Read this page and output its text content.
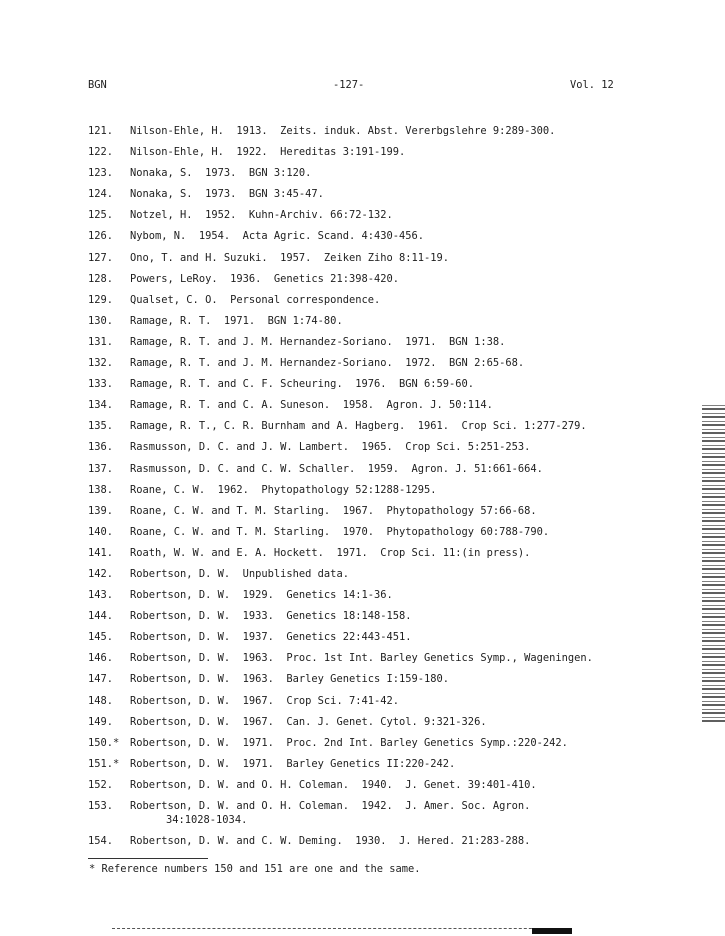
BGN	-127-	Vol. 12
121. Nilson-Ehle, H.  1913.  Zeits. induk. Abst. Vererbgslehre 9:289-300.
122. Nilson-Ehle, H.  1922.  Hereditas 3:191-199.
123. Nonaka, S.  1973.  BGN 3:120.
124. Nonaka, S.  1973.  BGN 3:45-47.
125. Notzel, H.  1952.  Kuhn-Archiv. 66:72-132.
126. Nybom, N.  1954.  Acta Agric. Scand. 4:430-456.
127. Ono, T. and H. Suzuki.  1957.  Zeiken Ziho 8:11-19.
128. Powers, LeRoy.  1936.  Genetics 21:398-420.
129. Qualset, C. O.  Personal correspondence.
130. Ramage, R. T.  1971.  BGN 1:74-80.
131. Ramage, R. T. and J. M. Hernandez-Soriano.  1971.  BGN 1:38.
132. Ramage, R. T. and J. M. Hernandez-Soriano.  1972.  BGN 2:65-68.
133. Ramage, R. T. and C. F. Scheuring.  1976.  BGN 6:59-60.
134. Ramage, R. T. and C. A. Suneson.  1958.  Agron. J. 50:114.
135. Ramage, R. T., C. R. Burnham and A. Hagberg.  1961.  Crop Sci. 1:277-279.
136. Rasmusson, D. C. and J. W. Lambert.  1965.  Crop Sci. 5:251-253.
137. Rasmusson, D. C. and C. W. Schaller.  1959.  Agron. J. 51:661-664.
138. Roane, C. W.  1962.  Phytopathology 52:1288-1295.
139. Roane, C. W. and T. M. Starling.  1967.  Phytopathology 57:66-68.
140. Roane, C. W. and T. M. Starling.  1970.  Phytopathology 60:788-790.
141. Roath, W. W. and E. A. Hockett.  1971.  Crop Sci. 11:(in press).
142. Robertson, D. W.  Unpublished data.
143. Robertson, D. W.  1929.  Genetics 14:1-36.
144. Robertson, D. W.  1933.  Genetics 18:148-158.
145. Robertson, D. W.  1937.  Genetics 22:443-451.
146. Robertson, D. W.  1963.  Proc. 1st Int. Barley Genetics Symp., Wageningen.
147. Robertson, D. W.  1963.  Barley Genetics I:159-180.
148. Robertson, D. W.  1967.  Crop Sci. 7:41-42.
149. Robertson, D. W.  1967.  Can. J. Genet. Cytol. 9:321-326.
150.* Robertson, D. W.  1971.  Proc. 2nd Int. Barley Genetics Symp.:220-242.
151.* Robertson, D. W.  1971.  Barley Genetics II:220-242.
152. Robertson, D. W. and O. H. Coleman.  1940.  J. Genet. 39:401-410.
153. Robertson, D. W. and O. H. Coleman.  1942.  J. Amer. Soc. Agron.
34:1028-1034.
154. Robertson, D. W. and C. W. Deming.  1930.  J. Hered. 21:283-288.
* Reference numbers 150 and 151 are one and the same.
